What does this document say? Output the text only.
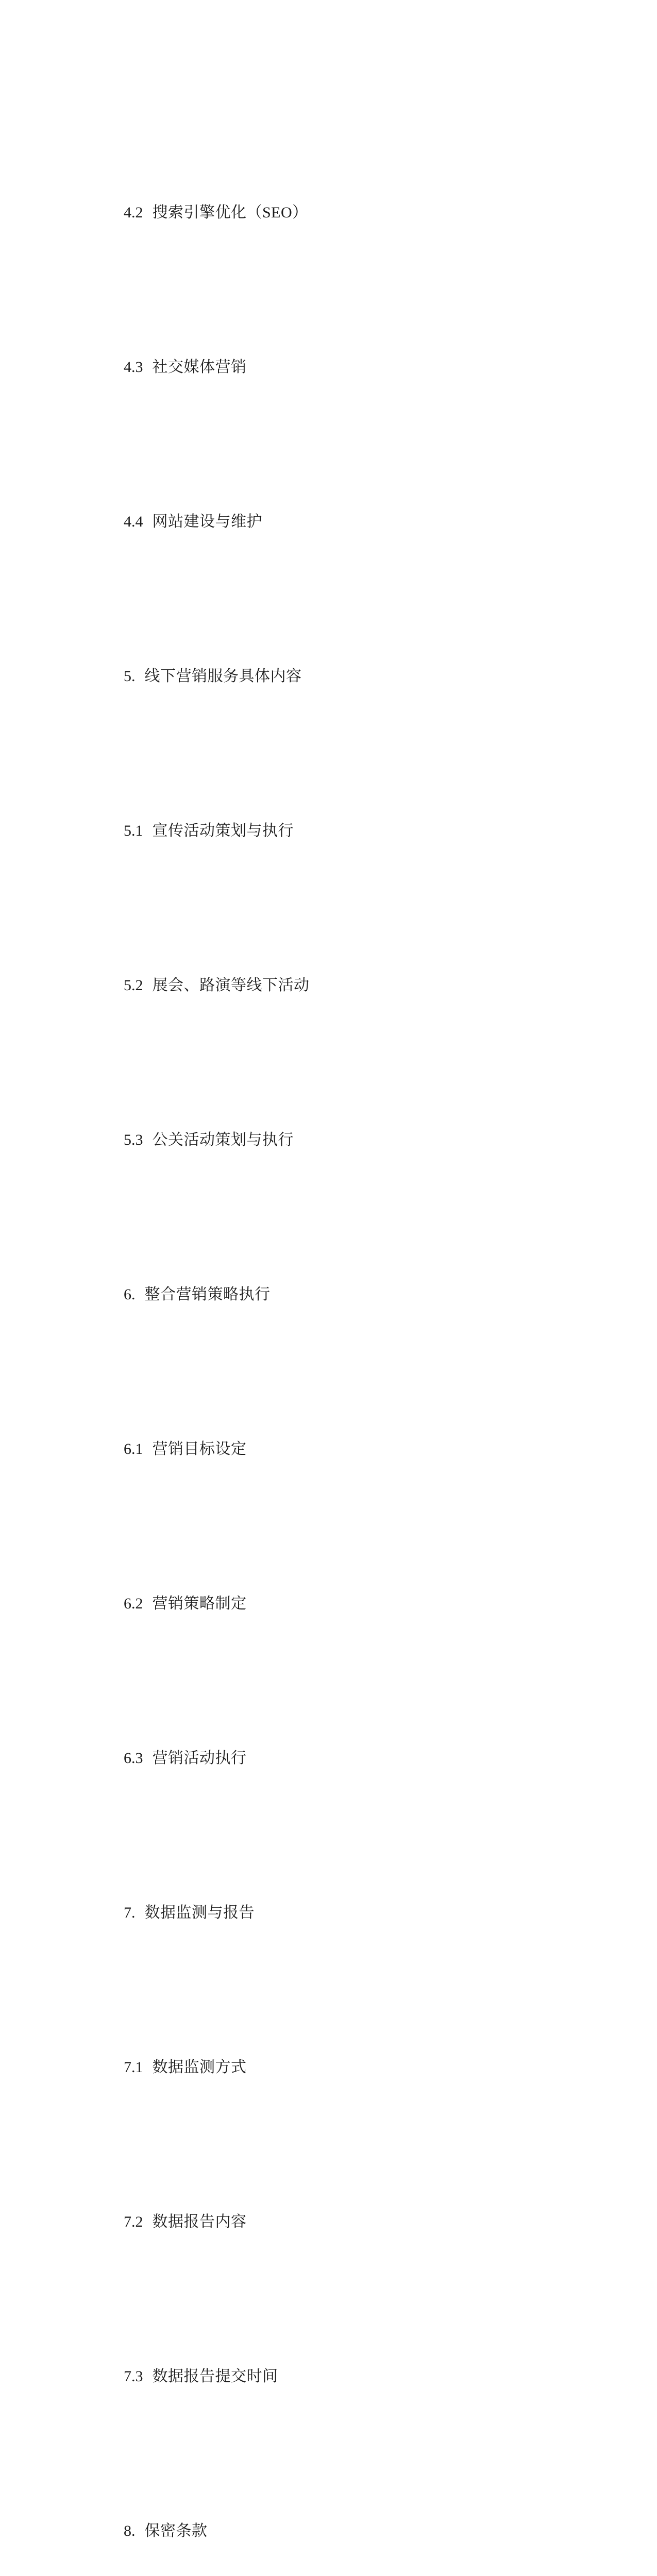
4.2 搜索引擎优化（SEO）

4.3 社交媒体营销

4.4 网站建设与维护

5. 线下营销服务具体内容

5.1 宣传活动策划与执行

5.2 展会、路演等线下活动

5.3 公关活动策划与执行

6. 整合营销策略执行

6.1 营销目标设定

6.2 营销策略制定

6.3 营销活动执行

7. 数据监测与报告

7.1 数据监测方式

7.2 数据报告内容

7.3 数据报告提交时间

8. 保密条款
